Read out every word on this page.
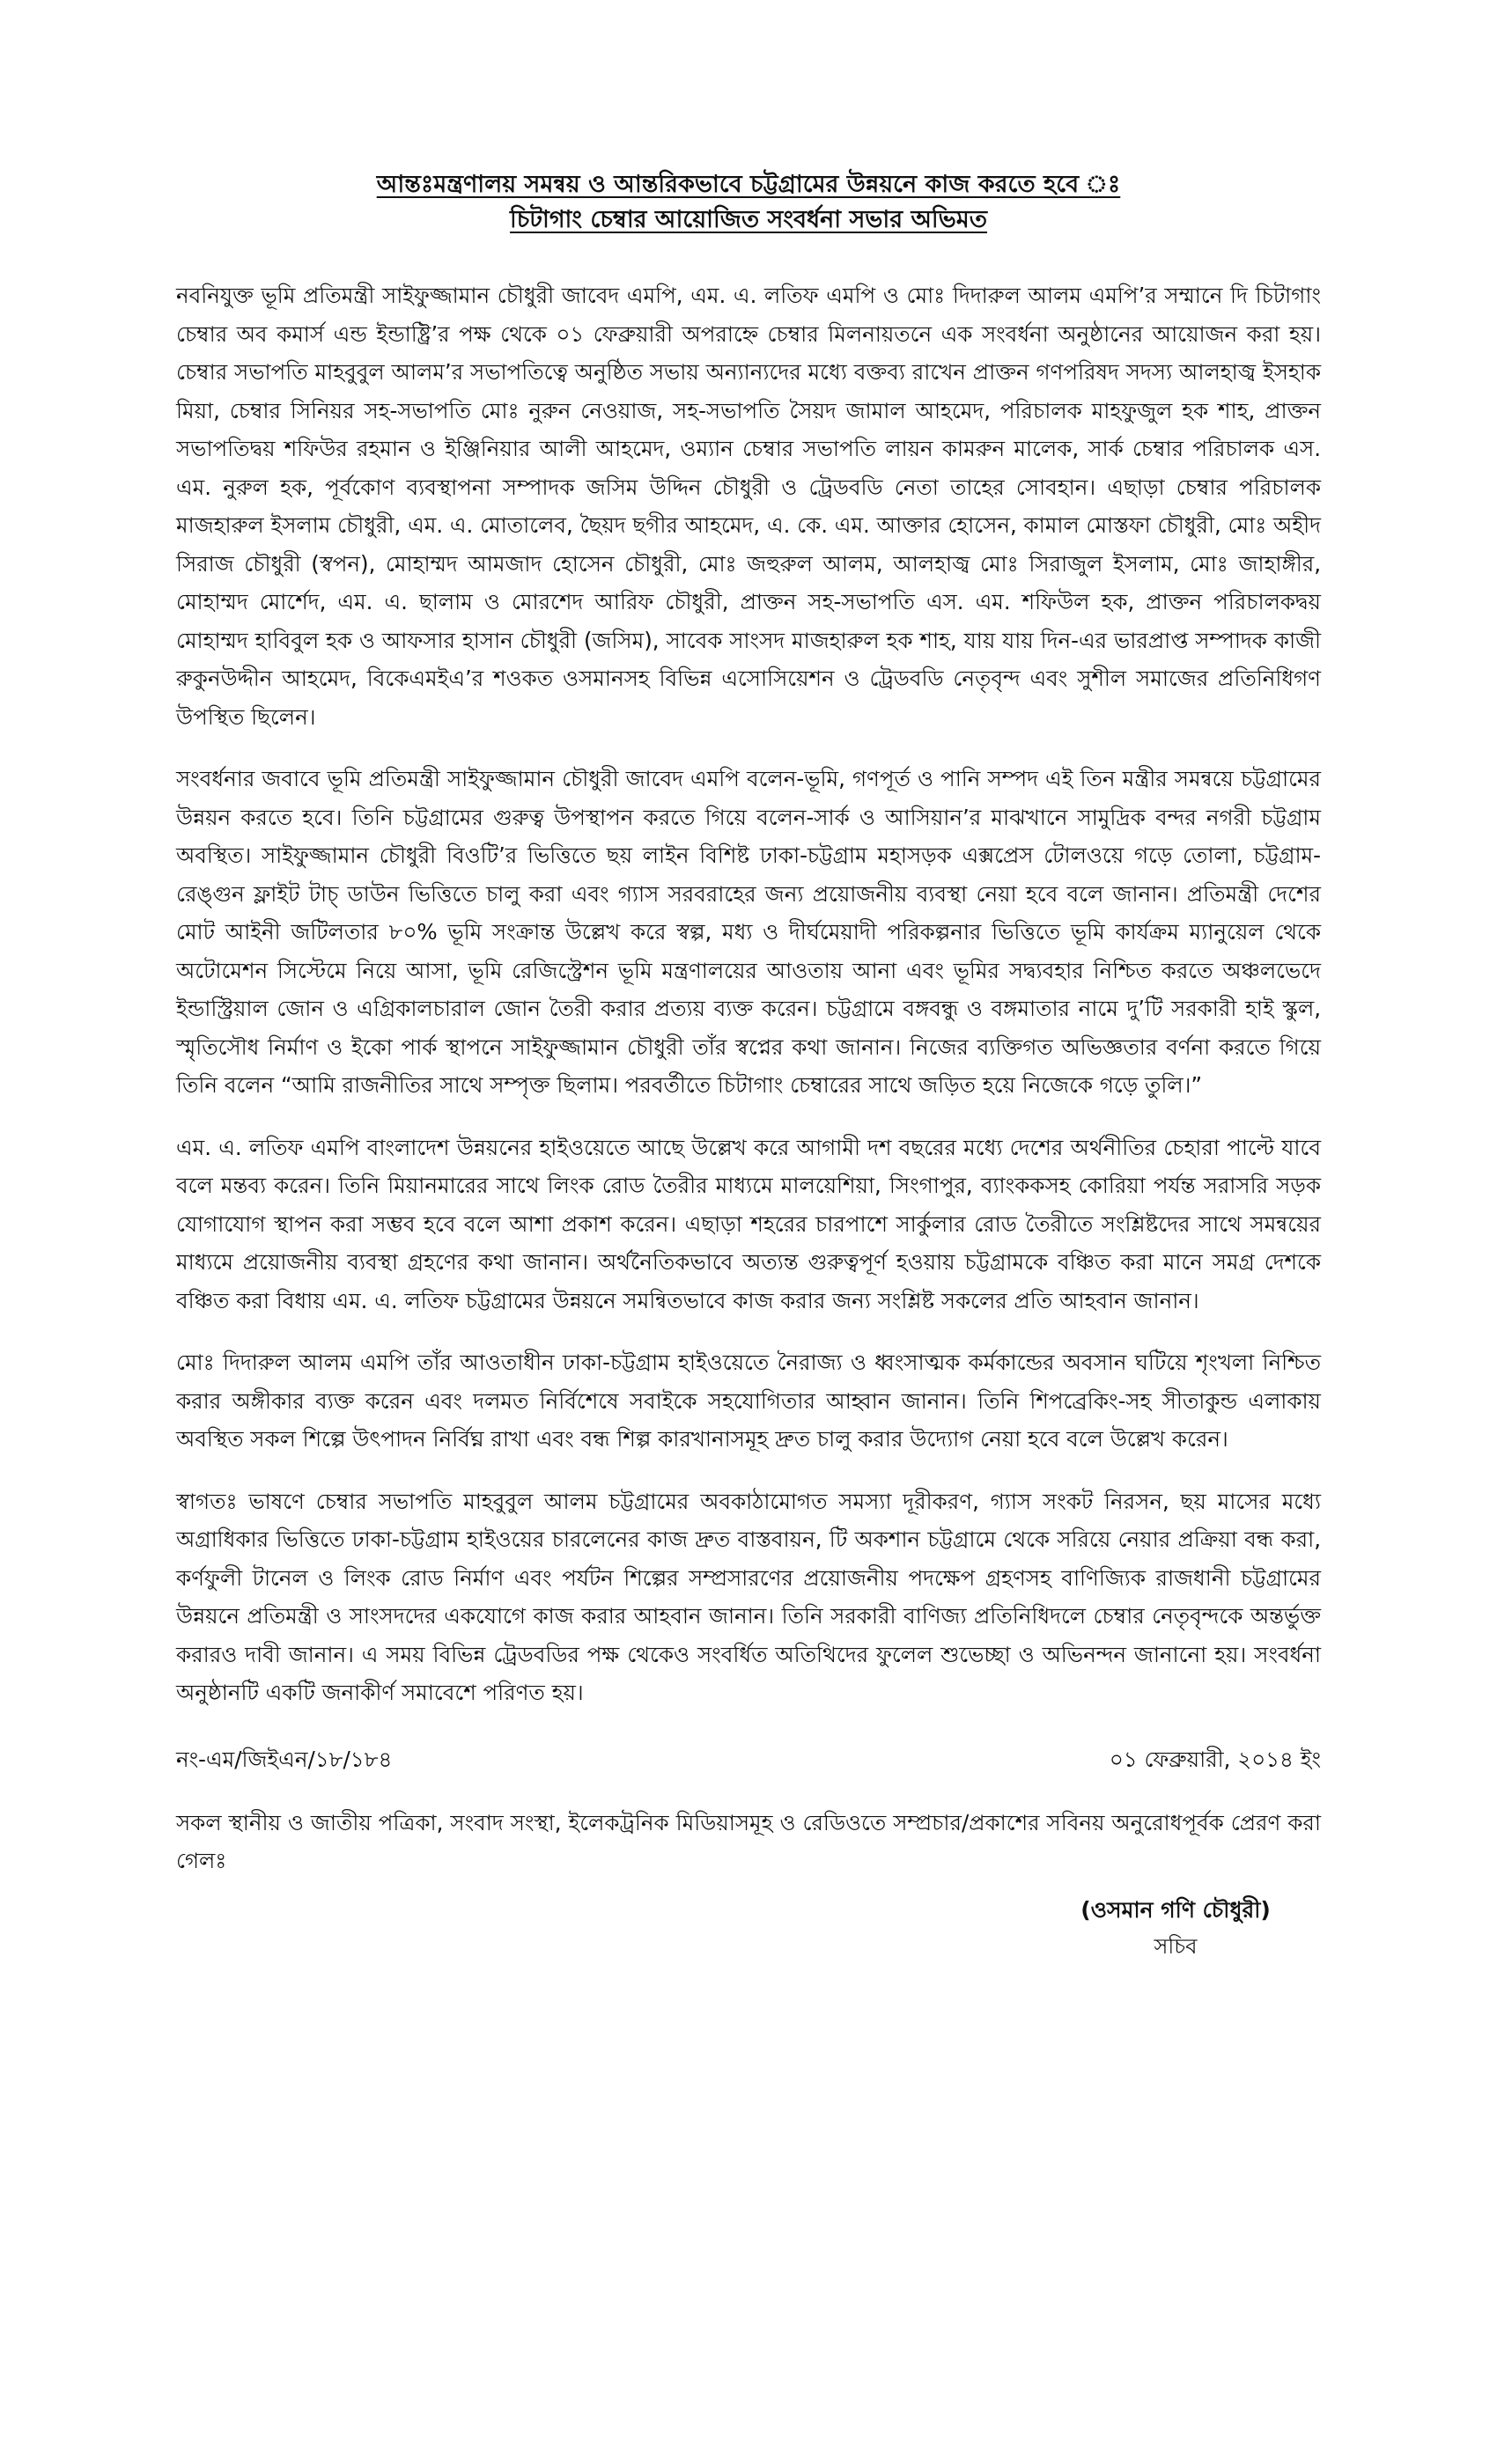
আন্তঃমন্ত্রণালয় সমন্বয় ও আন্তরিকভাবে চট্টগ্রামের উন্নয়নে কাজ করতে হবে ঃ

চিটাগাং চেম্বার আয়োজিত সংবর্ধনা সভার অভিমত

নবনিযুক্ত ভূমি প্রতিমন্ত্রী সাইফুজ্জামান চৌধুরী জাবেদ এমপি, এম. এ. লতিফ এমপি ও মোঃ দিদারুল আলম এমপি’র সম্মানে দি চিটাগাং চেম্বার অব কমার্স এন্ড ইন্ডাষ্ট্রি’র পক্ষ থেকে ০১ ফেব্রুয়ারী অপরাহ্নে চেম্বার মিলনায়তনে এক সংবর্ধনা অনুষ্ঠানের আয়োজন করা হয়। চেম্বার সভাপতি মাহবুবুল আলম’র সভাপতিত্বে অনুষ্ঠিত সভায় অন্যান্যদের মধ্যে বক্তব্য রাখেন প্রাক্তন গণপরিষদ সদস্য আলহাজ্ব ইসহাক মিয়া, চেম্বার সিনিয়র সহ-সভাপতি মোঃ নুরুন নেওয়াজ, সহ-সভাপতি সৈয়দ জামাল আহমেদ, পরিচালক মাহফুজুল হক শাহ, প্রাক্তন সভাপতিদ্বয় শফিউর রহমান ও ইঞ্জিনিয়ার আলী আহমেদ, ওম্যান চেম্বার সভাপতি লায়ন কামরুন মালেক, সার্ক চেম্বার পরিচালক এস. এম. নুরুল হক, পূর্বকোণ ব্যবস্থাপনা সম্পাদক জসিম উদ্দিন চৌধুরী ও ট্রেডবডি নেতা তাহের সোবহান। এছাড়া চেম্বার পরিচালক মাজহারুল ইসলাম চৌধুরী, এম. এ. মোতালেব, ছৈয়দ ছগীর আহমেদ, এ. কে. এম. আক্তার হোসেন, কামাল মোস্তফা চৌধুরী, মোঃ অহীদ সিরাজ চৌধুরী (স্বপন), মোহাম্মদ আমজাদ হোসেন চৌধুরী, মোঃ জহুরুল আলম, আলহাজ্ব মোঃ সিরাজুল ইসলাম, মোঃ জাহাঙ্গীর, মোহাম্মদ মোর্শেদ, এম. এ. ছালাম ও মোরশেদ আরিফ চৌধুরী, প্রাক্তন সহ-সভাপতি এস. এম. শফিউল হক, প্রাক্তন পরিচালকদ্বয় মোহাম্মদ হাবিবুল হক ও আফসার হাসান চৌধুরী (জসিম), সাবেক সাংসদ মাজহারুল হক শাহ, যায় যায় দিন-এর ভারপ্রাপ্ত সম্পাদক কাজী রুকুনউদ্দীন আহমেদ, বিকেএমইএ’র শওকত ওসমানসহ বিভিন্ন এসোসিয়েশন ও ট্রেডবডি নেতৃবৃন্দ এবং সুশীল সমাজের প্রতিনিধিগণ উপস্থিত ছিলেন।

সংবর্ধনার জবাবে ভূমি প্রতিমন্ত্রী সাইফুজ্জামান চৌধুরী জাবেদ এমপি বলেন-ভূমি, গণপূর্ত ও পানি সম্পদ এই তিন মন্ত্রীর সমন্বয়ে চট্টগ্রামের উন্নয়ন করতে হবে। তিনি চট্টগ্রামের গুরুত্ব উপস্থাপন করতে গিয়ে বলেন-সার্ক ও আসিয়ান’র মাঝখানে সামুদ্রিক বন্দর নগরী চট্টগ্রাম অবস্থিত। সাইফুজ্জামান চৌধুরী বিওটি’র ভিত্তিতে ছয় লাইন বিশিষ্ট ঢাকা-চট্টগ্রাম মহাসড়ক এক্সপ্রেস টোলওয়ে গড়ে তোলা, চট্টগ্রাম-রেঙ্গুন ফ্লাইট টাচ্ ডাউন ভিত্তিতে চালু করা এবং গ্যাস সরবরাহের জন্য প্রয়োজনীয় ব্যবস্থা নেয়া হবে বলে জানান। প্রতিমন্ত্রী দেশের মোট আইনী জটিলতার ৮০% ভূমি সংক্রান্ত উল্লেখ করে স্বল্প, মধ্য ও দীর্ঘমেয়াদী পরিকল্পনার ভিত্তিতে ভূমি কার্যক্রম ম্যানুয়েল থেকে অটোমেশন সিস্টেমে নিয়ে আসা, ভূমি রেজিস্ট্রেশন ভূমি মন্ত্রণালয়ের আওতায় আনা এবং ভূমির সদ্ব্যবহার নিশ্চিত করতে অঞ্চলভেদে ইন্ডাস্ট্রিয়াল জোন ও এগ্রিকালচারাল জোন তৈরী করার প্রত্যয় ব্যক্ত করেন। চট্টগ্রামে বঙ্গবন্ধু ও বঙ্গমাতার নামে দু’টি সরকারী হাই স্কুল, স্মৃতিসৌধ নির্মাণ ও ইকো পার্ক স্থাপনে সাইফুজ্জামান চৌধুরী তাঁর স্বপ্নের কথা জানান। নিজের ব্যক্তিগত অভিজ্ঞতার বর্ণনা করতে গিয়ে তিনি বলেন “আমি রাজনীতির সাথে সম্পৃক্ত ছিলাম। পরবর্তীতে চিটাগাং চেম্বারের সাথে জড়িত হয়ে নিজেকে গড়ে তুলি।”

এম. এ. লতিফ এমপি বাংলাদেশ উন্নয়নের হাইওয়েতে আছে উল্লেখ করে আগামী দশ বছরের মধ্যে দেশের অর্থনীতির চেহারা পাল্টে যাবে বলে মন্তব্য করেন। তিনি মিয়ানমারের সাথে লিংক রোড তৈরীর মাধ্যমে মালয়েশিয়া, সিংগাপুর, ব্যাংককসহ কোরিয়া পর্যন্ত সরাসরি সড়ক যোগাযোগ স্থাপন করা সম্ভব হবে বলে আশা প্রকাশ করেন। এছাড়া শহরের চারপাশে সার্কুলার রোড তৈরীতে সংশ্লিষ্টদের সাথে সমন্বয়ের মাধ্যমে প্রয়োজনীয় ব্যবস্থা গ্রহণের কথা জানান। অর্থনৈতিকভাবে অত্যন্ত গুরুত্বপূর্ণ হওয়ায় চট্টগ্রামকে বঞ্চিত করা মানে সমগ্র দেশকে বঞ্চিত করা বিধায় এম. এ. লতিফ চট্টগ্রামের উন্নয়নে সমন্বিতভাবে কাজ করার জন্য সংশ্লিষ্ট সকলের প্রতি আহবান জানান।

মোঃ দিদারুল আলম এমপি তাঁর আওতাধীন ঢাকা-চট্টগ্রাম হাইওয়েতে নৈরাজ্য ও ধ্বংসাত্মক কর্মকান্ডের অবসান ঘটিয়ে শৃংখলা নিশ্চিত করার অঙ্গীকার ব্যক্ত করেন এবং দলমত নির্বিশেষে সবাইকে সহযোগিতার আহ্বান জানান। তিনি শিপব্রেকিং-সহ সীতাকুন্ড এলাকায় অবস্থিত সকল শিল্পে উৎপাদন নির্বিঘ্ন রাখা এবং বন্ধ শিল্প কারখানাসমূহ দ্রুত চালু করার উদ্যোগ নেয়া হবে বলে উল্লেখ করেন।

স্বাগতঃ ভাষণে চেম্বার সভাপতি মাহবুবুল আলম চট্টগ্রামের অবকাঠামোগত সমস্যা দূরীকরণ, গ্যাস সংকট নিরসন, ছয় মাসের মধ্যে অগ্রাধিকার ভিত্তিতে ঢাকা-চট্টগ্রাম হাইওয়ের চারলেনের কাজ দ্রুত বাস্তবায়ন, টি অকশান চট্টগ্রামে থেকে সরিয়ে নেয়ার প্রক্রিয়া বন্ধ করা, কর্ণফুলী টানেল ও লিংক রোড নির্মাণ এবং পর্যটন শিল্পের সম্প্রসারণের প্রয়োজনীয় পদক্ষেপ গ্রহণসহ বাণিজ্যিক রাজধানী চট্টগ্রামের উন্নয়নে প্রতিমন্ত্রী ও সাংসদদের একযোগে কাজ করার আহবান জানান। তিনি সরকারী বাণিজ্য প্রতিনিধিদলে চেম্বার নেতৃবৃন্দকে অন্তর্ভুক্ত করারও দাবী জানান। এ সময় বিভিন্ন ট্রেডবডির পক্ষ থেকেও সংবর্ধিত অতিথিদের ফুলেল শুভেচ্ছা ও অভিনন্দন জানানো হয়। সংবর্ধনা অনুষ্ঠানটি একটি জনাকীর্ণ সমাবেশে পরিণত হয়।

নং-এম/জিইএন/১৮/১৮৪	০১ ফেব্রুয়ারী, ২০১৪ ইং

সকল স্থানীয় ও জাতীয় পত্রিকা, সংবাদ সংস্থা, ইলেকট্রনিক মিডিয়াসমূহ ও রেডিওতে সম্প্রচার/প্রকাশের সবিনয় অনুরোধপূর্বক প্রেরণ করা গেলঃ

(ওসমান গণি চৌধুরী)
সচিব
